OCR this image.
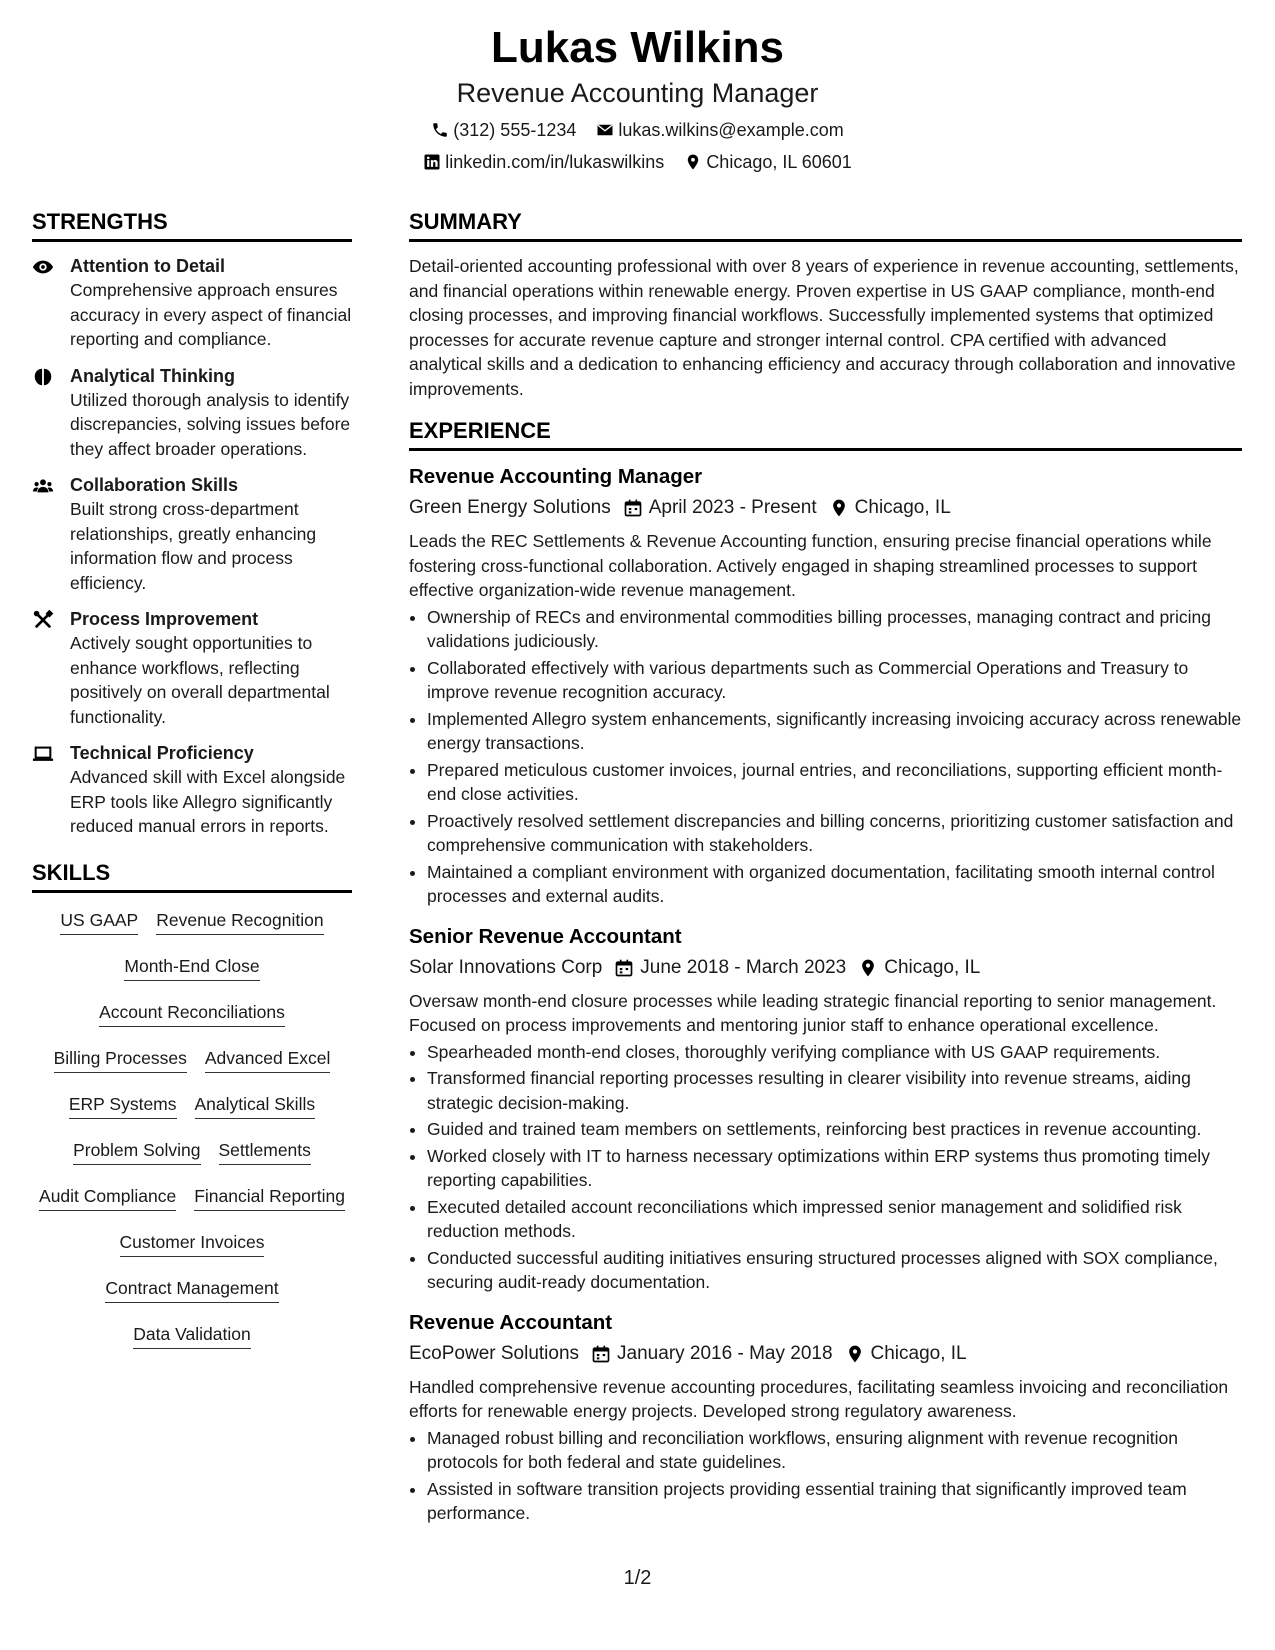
Lukas Wilkins
Revenue Accounting Manager
(312) 555-1234 lukas.wilkins@example.com
linkedin.com/in/lukaswilkins Chicago, IL 60601
STRENGTHS
Attention to Detail
Comprehensive approach ensures accuracy in every aspect of financial reporting and compliance.
Analytical Thinking
Utilized thorough analysis to identify discrepancies, solving issues before they affect broader operations.
Collaboration Skills
Built strong cross-department relationships, greatly enhancing information flow and process efficiency.
Process Improvement
Actively sought opportunities to enhance workflows, reflecting positively on overall departmental functionality.
Technical Proficiency
Advanced skill with Excel alongside ERP tools like Allegro significantly reduced manual errors in reports.
SKILLS
US GAAP Revenue Recognition
Month-End Close
Account Reconciliations
Billing Processes Advanced Excel
ERP Systems Analytical Skills
Problem Solving Settlements
Audit Compliance Financial Reporting
Customer Invoices
Contract Management
Data Validation
SUMMARY
Detail-oriented accounting professional with over 8 years of experience in revenue accounting, settlements, and financial operations within renewable energy. Proven expertise in US GAAP compliance, month-end closing processes, and improving financial workflows. Successfully implemented systems that optimized processes for accurate revenue capture and stronger internal control. CPA certified with advanced analytical skills and a dedication to enhancing efficiency and accuracy through collaboration and innovative improvements.
EXPERIENCE
Revenue Accounting Manager
Green Energy Solutions April 2023 - Present Chicago, IL
Leads the REC Settlements & Revenue Accounting function, ensuring precise financial operations while fostering cross-functional collaboration. Actively engaged in shaping streamlined processes to support effective organization-wide revenue management.
• Ownership of RECs and environmental commodities billing processes, managing contract and pricing validations judiciously.
• Collaborated effectively with various departments such as Commercial Operations and Treasury to improve revenue recognition accuracy.
• Implemented Allegro system enhancements, significantly increasing invoicing accuracy across renewable energy transactions.
• Prepared meticulous customer invoices, journal entries, and reconciliations, supporting efficient month-end close activities.
• Proactively resolved settlement discrepancies and billing concerns, prioritizing customer satisfaction and comprehensive communication with stakeholders.
• Maintained a compliant environment with organized documentation, facilitating smooth internal control processes and external audits.
Senior Revenue Accountant
Solar Innovations Corp June 2018 - March 2023 Chicago, IL
Oversaw month-end closure processes while leading strategic financial reporting to senior management. Focused on process improvements and mentoring junior staff to enhance operational excellence.
• Spearheaded month-end closes, thoroughly verifying compliance with US GAAP requirements.
• Transformed financial reporting processes resulting in clearer visibility into revenue streams, aiding strategic decision-making.
• Guided and trained team members on settlements, reinforcing best practices in revenue accounting.
• Worked closely with IT to harness necessary optimizations within ERP systems thus promoting timely reporting capabilities.
• Executed detailed account reconciliations which impressed senior management and solidified risk reduction methods.
• Conducted successful auditing initiatives ensuring structured processes aligned with SOX compliance, securing audit-ready documentation.
Revenue Accountant
EcoPower Solutions January 2016 - May 2018 Chicago, IL
Handled comprehensive revenue accounting procedures, facilitating seamless invoicing and reconciliation efforts for renewable energy projects. Developed strong regulatory awareness.
• Managed robust billing and reconciliation workflows, ensuring alignment with revenue recognition protocols for both federal and state guidelines.
• Assisted in software transition projects providing essential training that significantly improved team performance.
1/2
